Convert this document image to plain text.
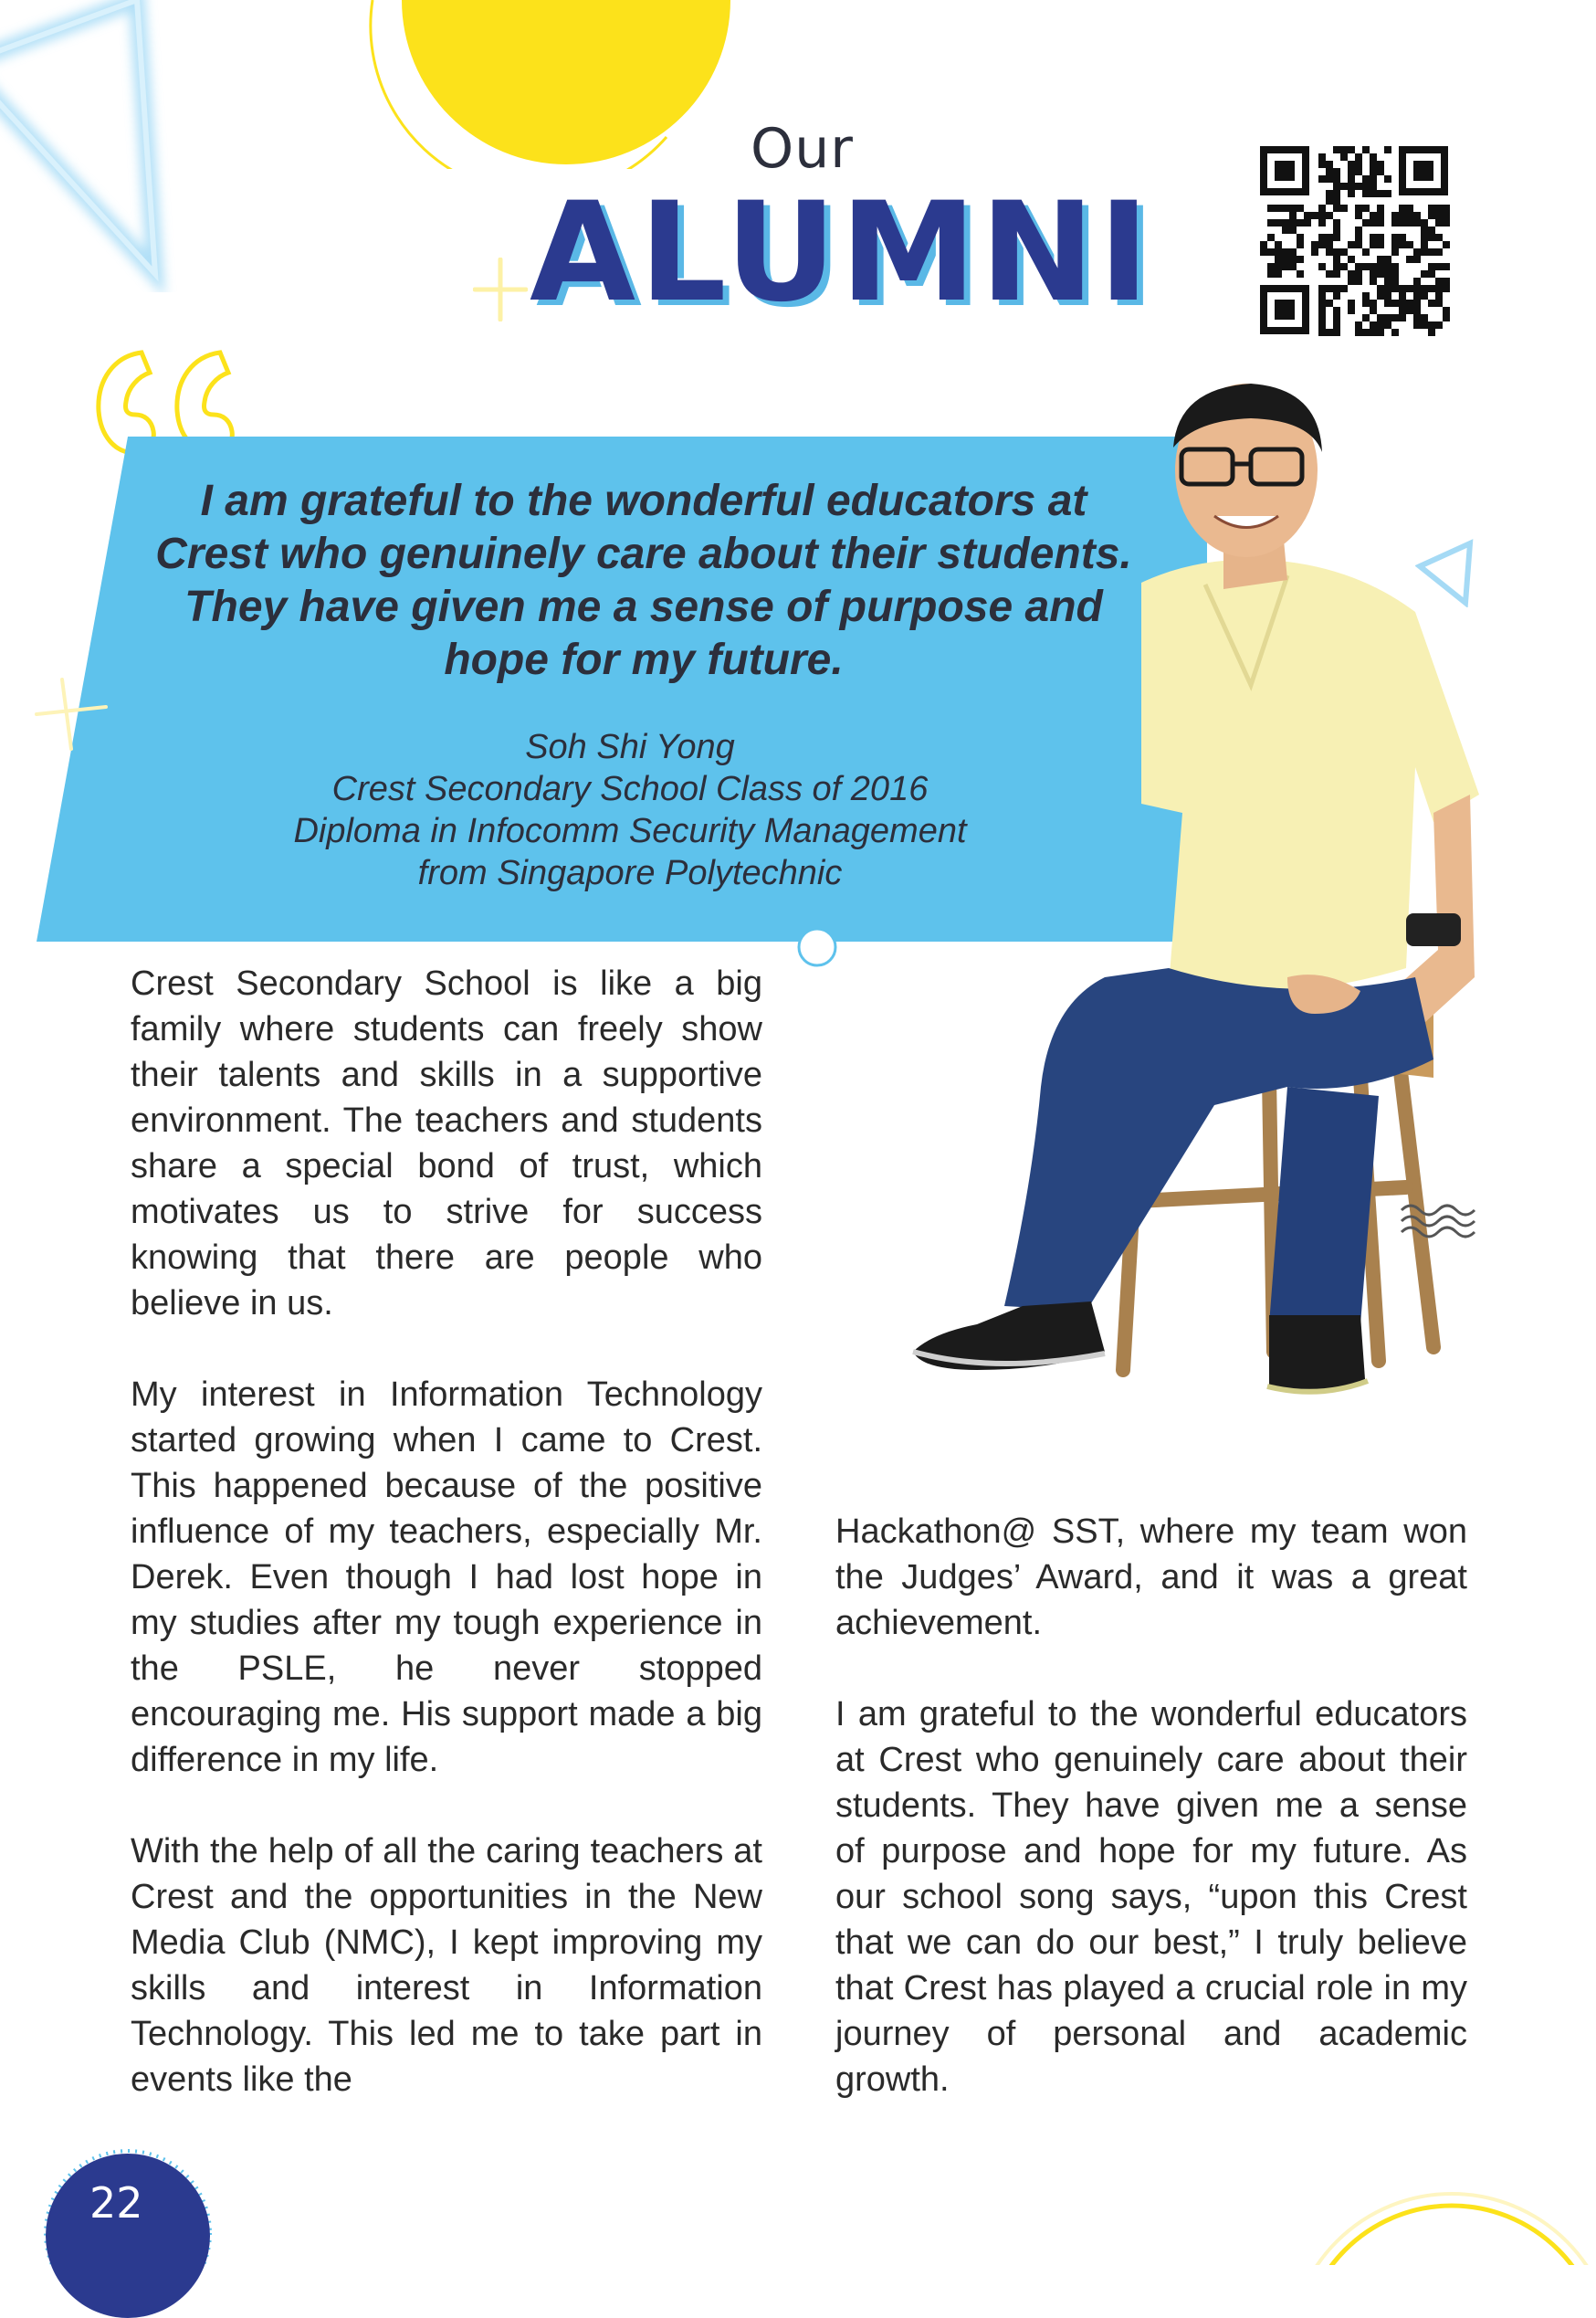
Our
ALUMNI
I am grateful to the wonderful educators at
Crest who genuinely care about their students.
They have given me a sense of purpose and
hope for my future.
Soh Shi Yong
Crest Secondary School Class of 2016
Diploma in Infocomm Security Management
from Singapore Polytechnic

Crest Secondary School is like a big family where students can freely show their talents and skills in a supportive environment. The teachers and students share a special bond of trust, which motivates us to strive for success knowing that there are people who believe in us.

My interest in Information Technology started growing when I came to Crest. This happened because of the positive influence of my teachers, especially Mr. Derek. Even though I had lost hope in my studies after my tough experience in the PSLE, he never stopped encouraging me. His support made a big difference in my life.

With the help of all the caring teachers at Crest and the opportunities in the New Media Club (NMC), I kept improving my skills and interest in Information Technology. This led me to take part in events like the

Hackathon@ SST, where my team won the Judges’ Award, and it was a great achievement.

I am grateful to the wonderful educators at Crest who genuinely care about their students. They have given me a sense of purpose and hope for my future. As our school song says, “upon this Crest that we can do our best,” I truly believe that Crest has played a crucial role in my journey of personal and academic growth.

22
